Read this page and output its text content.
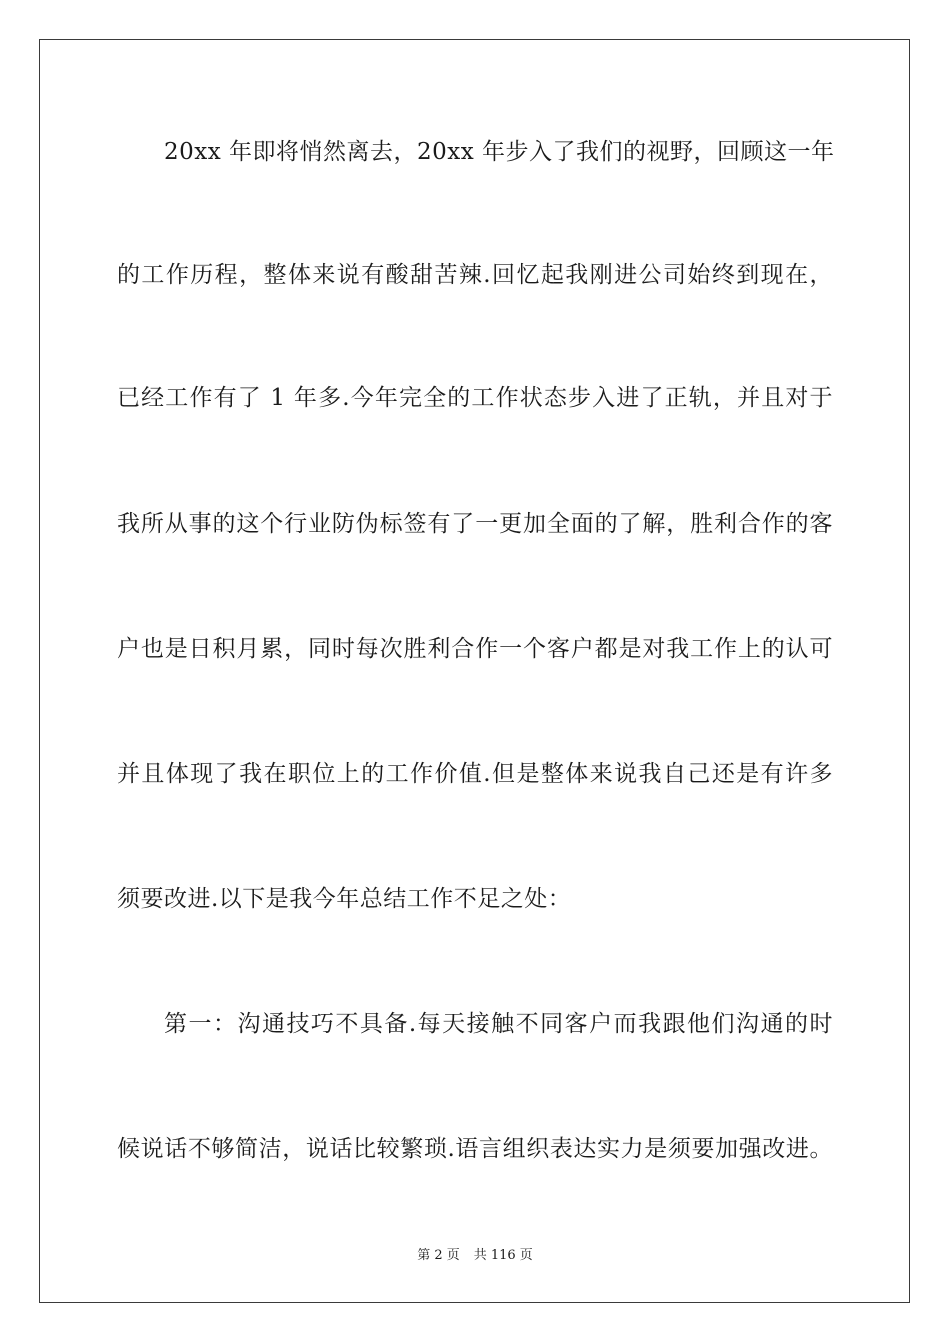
20xx 年即将悄然离去，20xx 年步入了我们的视野，回顾这一年
的工作历程，整体来说有酸甜苦辣.回忆起我刚进公司始终到现在，
已经工作有了 1 年多.今年完全的工作状态步入进了正轨，并且对于
我所从事的这个行业防伪标签有了一更加全面的了解，胜利合作的客
户也是日积月累，同时每次胜利合作一个客户都是对我工作上的认可
并且体现了我在职位上的工作价值.但是整体来说我自己还是有许多
须要改进.以下是我今年总结工作不足之处：
第一：沟通技巧不具备.每天接触不同客户而我跟他们沟通的时
候说话不够简洁，说话比较繁琐.语言组织表达实力是须要加强改进。
第 2 页 共 116 页
